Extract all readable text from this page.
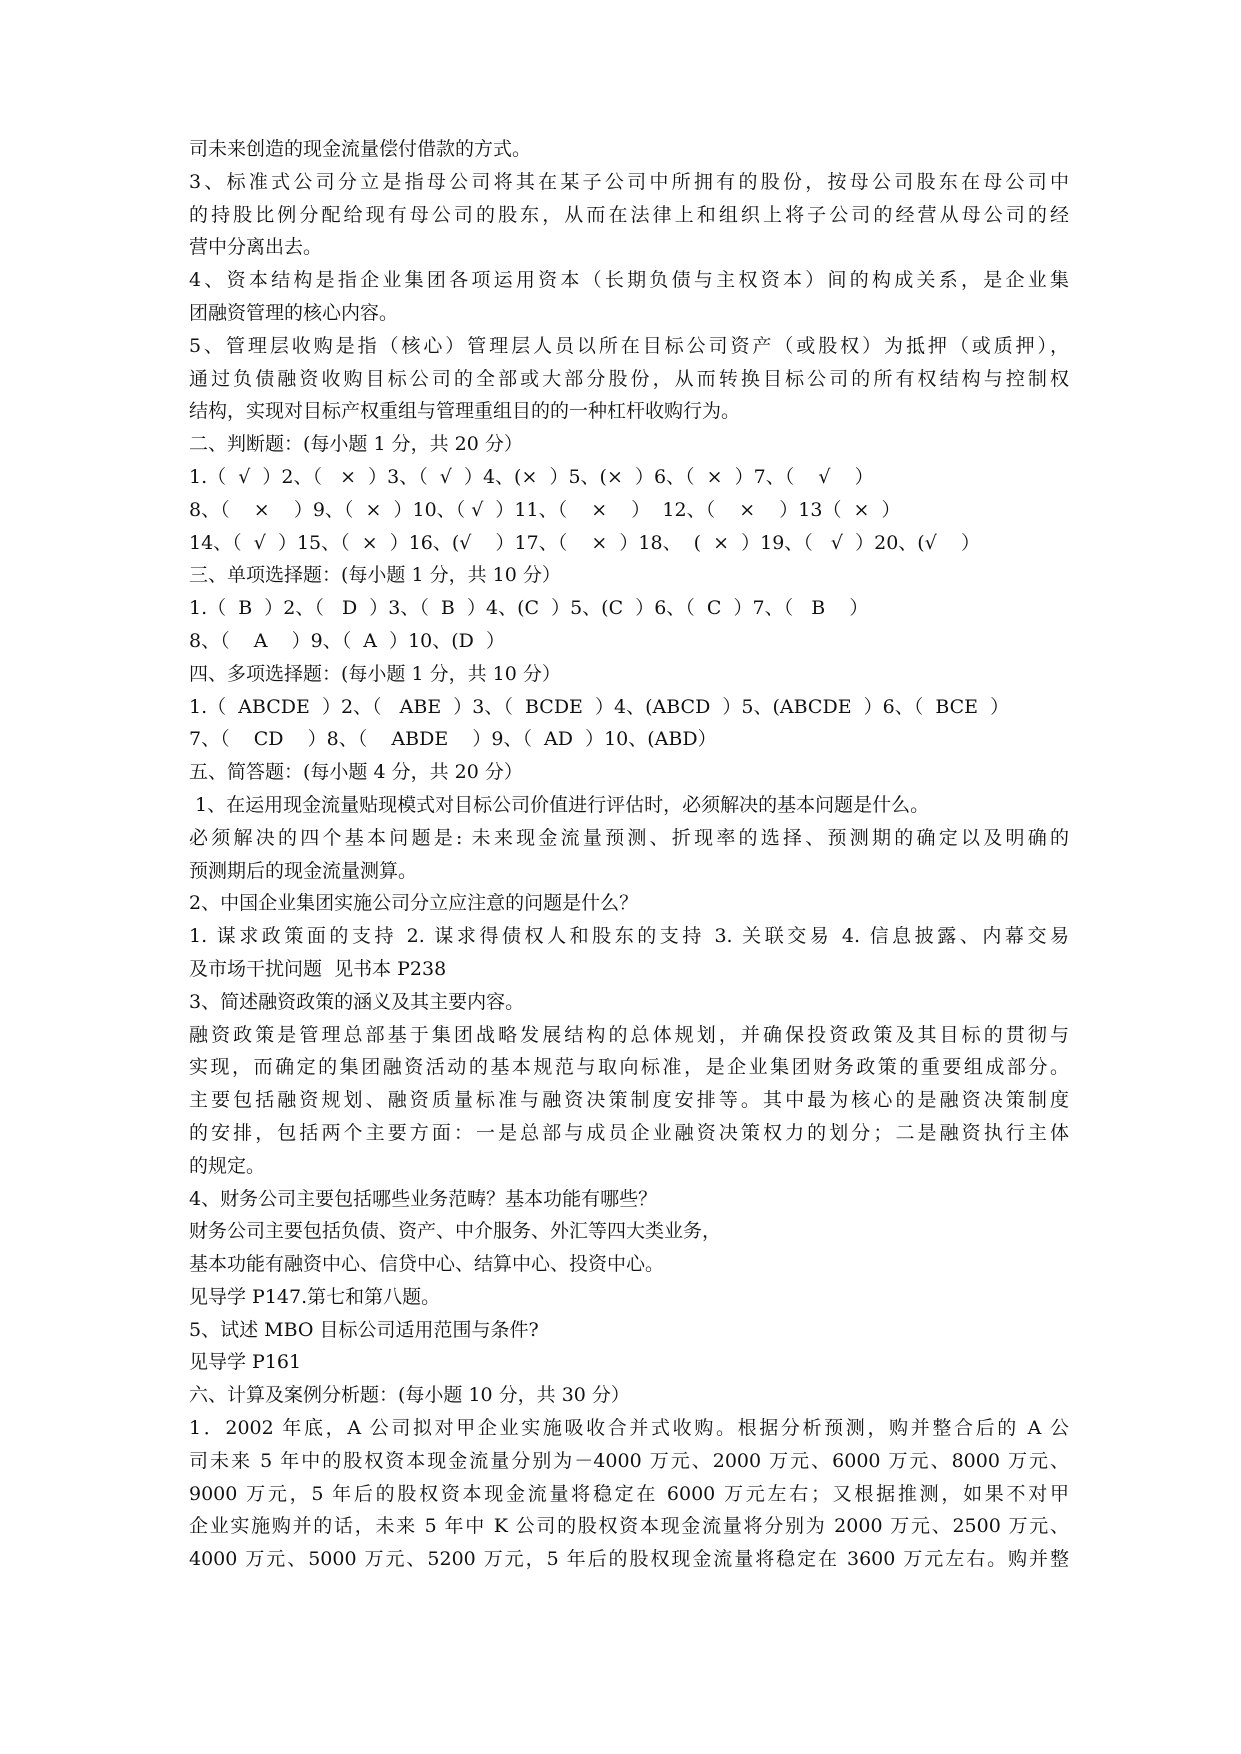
司未来创造的现金流量偿付借款的方式。
3、标准式公司分立是指母公司将其在某子公司中所拥有的股份，按母公司股东在母公司中
的持股比例分配给现有母公司的股东，从而在法律上和组织上将子公司的经营从母公司的经
营中分离出去。
4、资本结构是指企业集团各项运用资本（长期负债与主权资本）间的构成关系，是企业集
团融资管理的核心内容。
5、管理层收购是指（核心）管理层人员以所在目标公司资产（或股权）为抵押（或质押），
通过负债融资收购目标公司的全部或大部分股份，从而转换目标公司的所有权结构与控制权
结构，实现对目标产权重组与管理重组目的的一种杠杆收购行为。
二、判断题：(每小题 1 分，共 20 分）
1.（  √  ）2、（   ×  ）3、（  √  ）4、(×  ）5、(×  ）6、（  ×  ）7、（    √    ）
8、（    ×    ）9、（  ×  ）10、（ √  ）11、（    ×    ）  12、（    ×    ）13（  ×  ）
14、（  √  ）15、（  ×  ）16、(√    ）17、（    ×  ）18、  (  ×  ）19、（   √  ）20、(√    ）
三、单项选择题：(每小题 1 分，共 10 分）
1.（  B  ）2、（   D  ）3、（  B  ）4、(C  ）5、(C  ）6、（  C  ）7、（   B    ）
8、（    A    ）9、（  A  ）10、(D  ）
四、多项选择题：(每小题 1 分，共 10 分）
1.（  ABCDE  ）2、（   ABE  ）3、（  BCDE  ）4、(ABCD  ）5、(ABCDE  ）6、（  BCE  ）
7、（    CD    ）8、（    ABDE    ）9、（  AD  ）10、(ABD）
五、简答题：(每小题 4 分，共 20 分）
1、在运用现金流量贴现模式对目标公司价值进行评估时，必须解决的基本问题是什么。
必须解决的四个基本问题是: 未来现金流量预测、折现率的选择、预测期的确定以及明确的
预测期后的现金流量测算。
2、中国企业集团实施公司分立应注意的问题是什么？
1. 谋求政策面的支持 2. 谋求得债权人和股东的支持 3. 关联交易 4. 信息披露、内幕交易
及市场干扰问题  见书本 P238
3、简述融资政策的涵义及其主要内容。
融资政策是管理总部基于集团战略发展结构的总体规划，并确保投资政策及其目标的贯彻与
实现，而确定的集团融资活动的基本规范与取向标准，是企业集团财务政策的重要组成部分。
主要包括融资规划、融资质量标准与融资决策制度安排等。其中最为核心的是融资决策制度
的安排，包括两个主要方面：一是总部与成员企业融资决策权力的划分；二是融资执行主体
的规定。
4、财务公司主要包括哪些业务范畴？基本功能有哪些？
财务公司主要包括负债、资产、中介服务、外汇等四大类业务，
基本功能有融资中心、信贷中心、结算中心、投资中心。
见导学 P147.第七和第八题。
5、试述 MBO 目标公司适用范围与条件?
见导学 P161
六、计算及案例分析题：(每小题 10 分，共 30 分）
1．2002 年底，A 公司拟对甲企业实施吸收合并式收购。根据分析预测，购并整合后的 A 公
司未来 5 年中的股权资本现金流量分别为－4000 万元、2000 万元、6000 万元、8000 万元、
9000 万元，5 年后的股权资本现金流量将稳定在 6000 万元左右；又根据推测，如果不对甲
企业实施购并的话，未来 5 年中 K 公司的股权资本现金流量将分别为 2000 万元、2500 万元、
4000 万元、5000 万元、5200 万元，5 年后的股权现金流量将稳定在 3600 万元左右。购并整
